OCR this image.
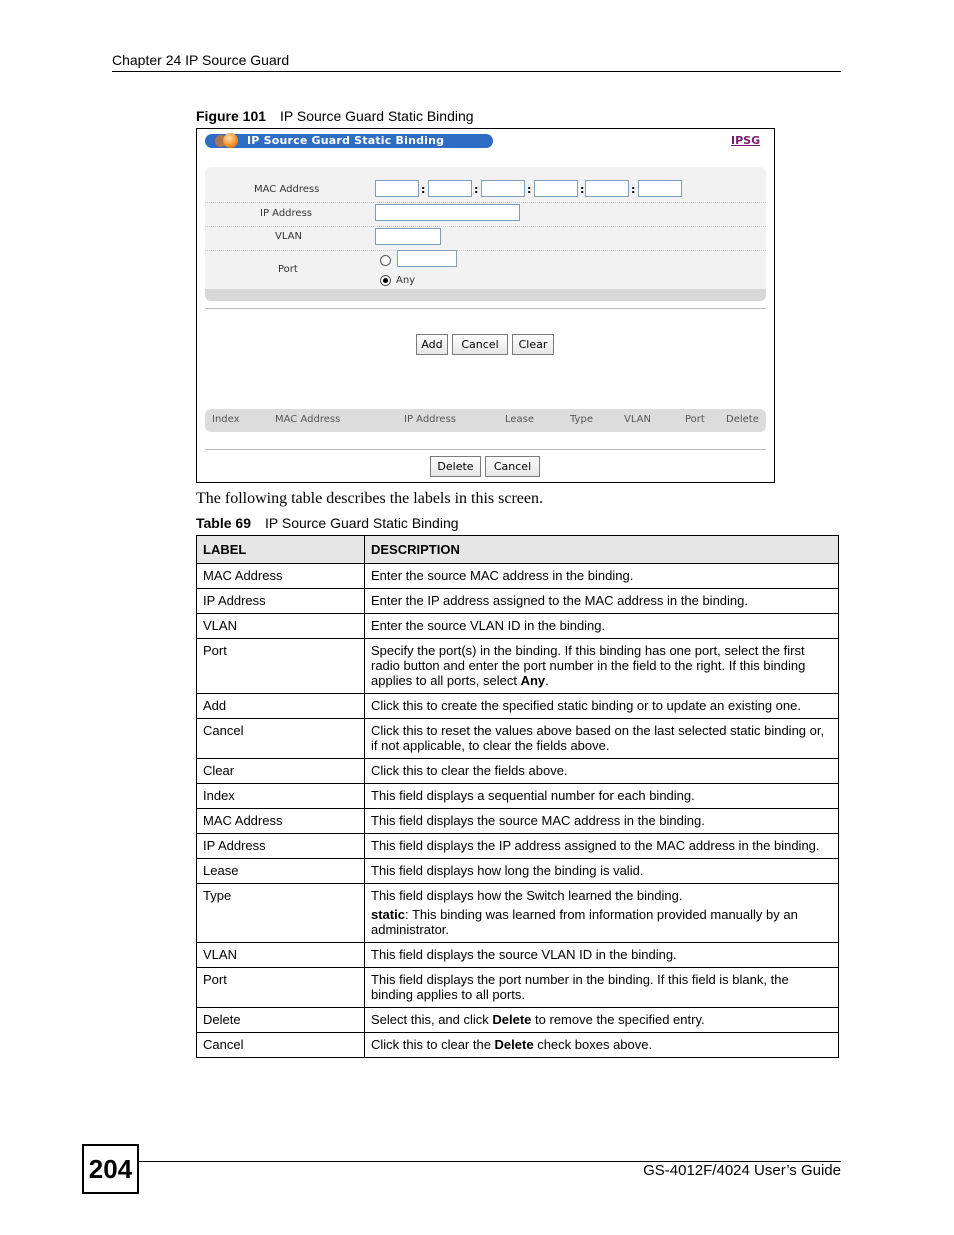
Chapter 24 IP Source Guard
Figure 101 IP Source Guard Static Binding
IP Source Guard Static Binding	IPSG
MAC Address	:	:	:	:	:
IP Address
VLAN
Port
Any
Add	Cancel	Clear
Index	MAC Address	IP Address	Lease	Type	VLAN	Port Delete
Delete	Cancel
The following table describes the labels in this screen.
Table 69 IP Source Guard Static Binding
LABEL	DESCRIPTION
MAC Address	Enter the source MAC address in the binding.
IP Address	Enter the IP address assigned to the MAC address in the binding.
VLAN	Enter the source VLAN ID in the binding.
Port	Specify the port(s) in the binding. If this binding has one port, select the first radio button and enter the port number in the field to the right. If this binding applies to all ports, select Any.
Add	Click this to create the specified static binding or to update an existing one.
Cancel	Click this to reset the values above based on the last selected static binding or, if not applicable, to clear the fields above.
Clear	Click this to clear the fields above.
Index	This field displays a sequential number for each binding.
MAC Address	This field displays the source MAC address in the binding.
IP Address	This field displays the IP address assigned to the MAC address in the binding.
Lease	This field displays how long the binding is valid.
Type	This field displays how the Switch learned the binding.

static: This binding was learned from information provided manually by an administrator.

VLAN	This field displays the source VLAN ID in the binding.
Port	This field displays the port number in the binding. If this field is blank, the binding applies to all ports.
Delete	Select this, and click Delete to remove the specified entry.
Cancel	Click this to clear the Delete check boxes above.
204	GS-4012F/4024 User’s Guide
